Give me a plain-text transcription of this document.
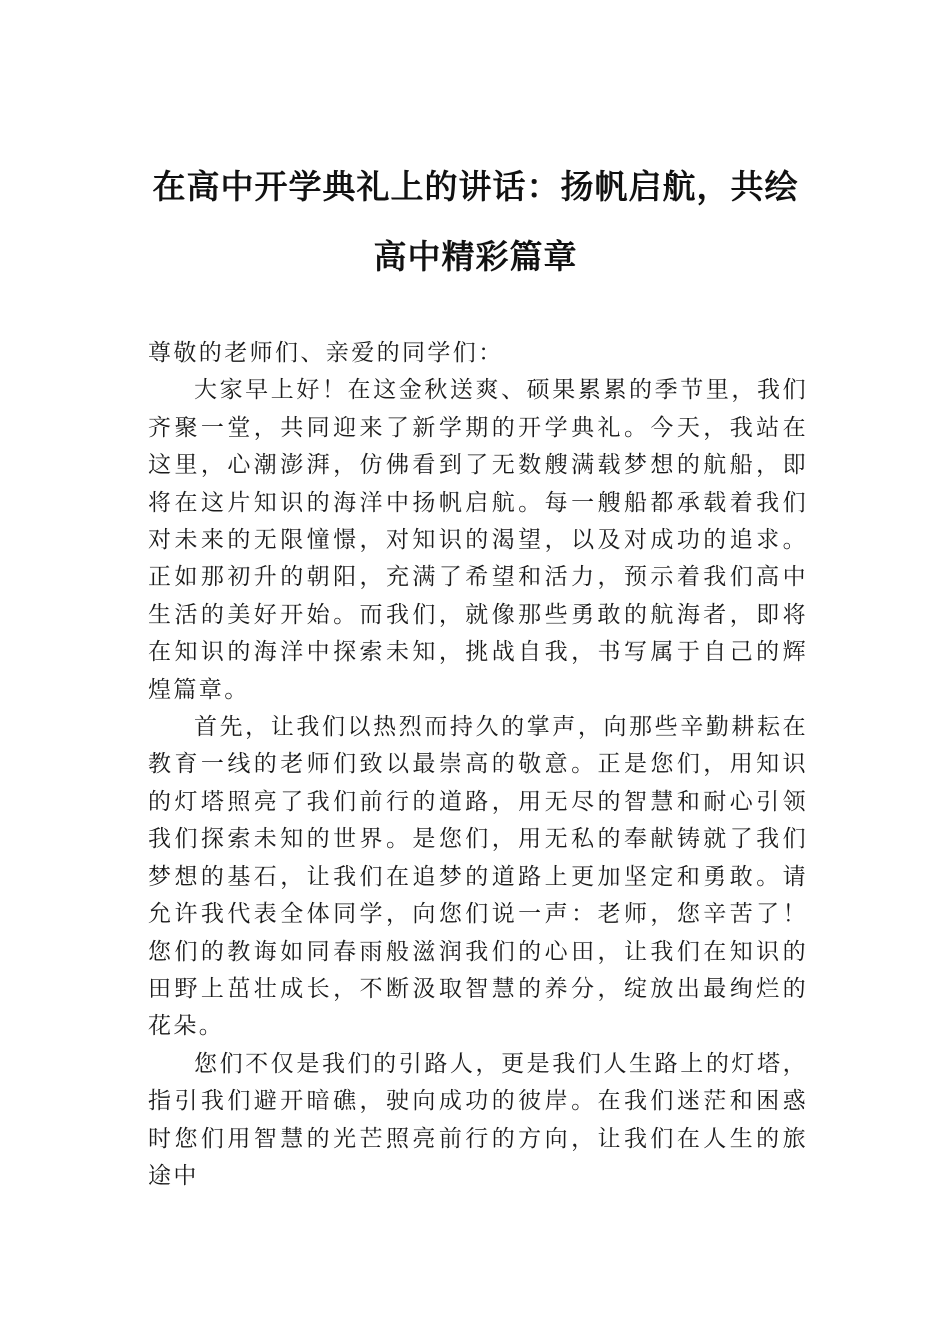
在高中开学典礼上的讲话：扬帆启航，共绘高中精彩篇章

尊敬的老师们、亲爱的同学们：

大家早上好！在这金秋送爽、硕果累累的季节里，我们齐聚一堂，共同迎来了新学期的开学典礼。今天，我站在这里，心潮澎湃，仿佛看到了无数艘满载梦想的航船，即将在这片知识的海洋中扬帆启航。每一艘船都承载着我们对未来的无限憧憬，对知识的渴望，以及对成功的追求。正如那初升的朝阳，充满了希望和活力，预示着我们高中生活的美好开始。而我们，就像那些勇敢的航海者，即将在知识的海洋中探索未知，挑战自我，书写属于自己的辉煌篇章。

首先，让我们以热烈而持久的掌声，向那些辛勤耕耘在教育一线的老师们致以最崇高的敬意。正是您们，用知识的灯塔照亮了我们前行的道路，用无尽的智慧和耐心引领我们探索未知的世界。是您们，用无私的奉献铸就了我们梦想的基石，让我们在追梦的道路上更加坚定和勇敢。请允许我代表全体同学，向您们说一声：老师，您辛苦了！您们的教诲如同春雨般滋润我们的心田，让我们在知识的田野上茁壮成长，不断汲取智慧的养分，绽放出最绚烂的花朵。

您们不仅是我们的引路人，更是我们人生路上的灯塔，指引我们避开暗礁，驶向成功的彼岸。在我们迷茫和困惑时您们用智慧的光芒照亮前行的方向，让我们在人生的旅途中
